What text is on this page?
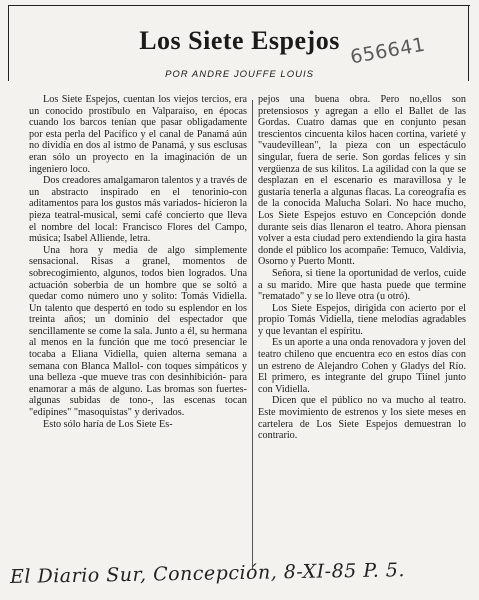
Los Siete Espejos 656641
POR ANDRE JOUFFE LOUIS

Los Siete Espejos, cuentan los viejos tercios, era un conocido prostíbulo en Valparaíso, en épocas cuando los barcos tenían que pasar obligadamente por esta perla del Pacífico y el canal de Panamá aún no dividía en dos al istmo de Panamá, y sus esclusas eran sólo un proyecto en la imaginación de un ingeniero loco.

Dos creadores amalgamaron talentos y a través de un abstracto inspirado en el tenorinio-con aditamentos para los gustos más variados- hicieron la pieza teatral-musical, semi café concierto que lleva el nombre del local: Francisco Flores del Campo, música; Isabel Alliende, letra.

Una hora y media de algo simplemente sensacional. Risas a granel, momentos de sobrecogimiento, algunos, todos bien logrados. Una actuación soberbia de un hombre que se soltó a quedar como número uno y solito: Tomás Vidiella. Un talento que despertó en todo su esplendor en los treinta años; un dominio del espectador que sencillamente se come la sala. Junto a él, su hermana al menos en la función que me tocó presenciar le tocaba a Eliana Vidiella, quien alterna semana a semana con Blanca Mallol- con toques simpáticos y una belleza -que mueve tras con desinhibición- para enamorar a más de alguno. Las bromas son fuertes- algunas subidas de tono-, las escenas tocan "edipines" "masoquistas" y derivados.

Esto sólo haría de Los Siete Es-

pejos una buena obra. Pero no,ellos son pretensiosos y agregan a ello el Ballet de las Gordas. Cuatro damas que en conjunto pesan trescientos cincuenta kilos hacen cortina, varieté y "vaudevillean", la pieza con un espectáculo singular, fuera de serie. Son gordas felices y sin vergüenza de sus kilitos. La agilidad con la que se desplazan en el escenario es maravillosa y le gustaría tenerla a algunas flacas. La coreografía es de la conocida Malucha Solari. No hace mucho, Los Siete Espejos estuvo en Concepción donde durante seis días llenaron el teatro. Ahora piensan volver a esta ciudad pero extendiendo la gira hasta donde el público los acompañe: Temuco, Valdivia, Osorno y Puerto Montt.

Señora, si tiene la oportunidad de verlos, cuide a su marido. Mire que hasta puede que termine "rematado" y se lo lleve otra (u otró).

Los Siete Espejos, dirigida con acierto por el propio Tomás Vidiella, tiene melodías agradables y que levantan el espíritu.

Es un aporte a una onda renovadora y joven del teatro chileno que encuentra eco en estos días con un estreno de Alejandro Cohen y Gladys del Río. El primero, es integrante del grupo Tiínel junto con Vidiella.

Dicen que el público no va mucho al teatro. Este movimiento de estrenos y los siete meses en cartelera de Los Siete Espejos demuestran lo contrario.

El Diario Sur, Concepción, 8-XI-85 P. 5.
